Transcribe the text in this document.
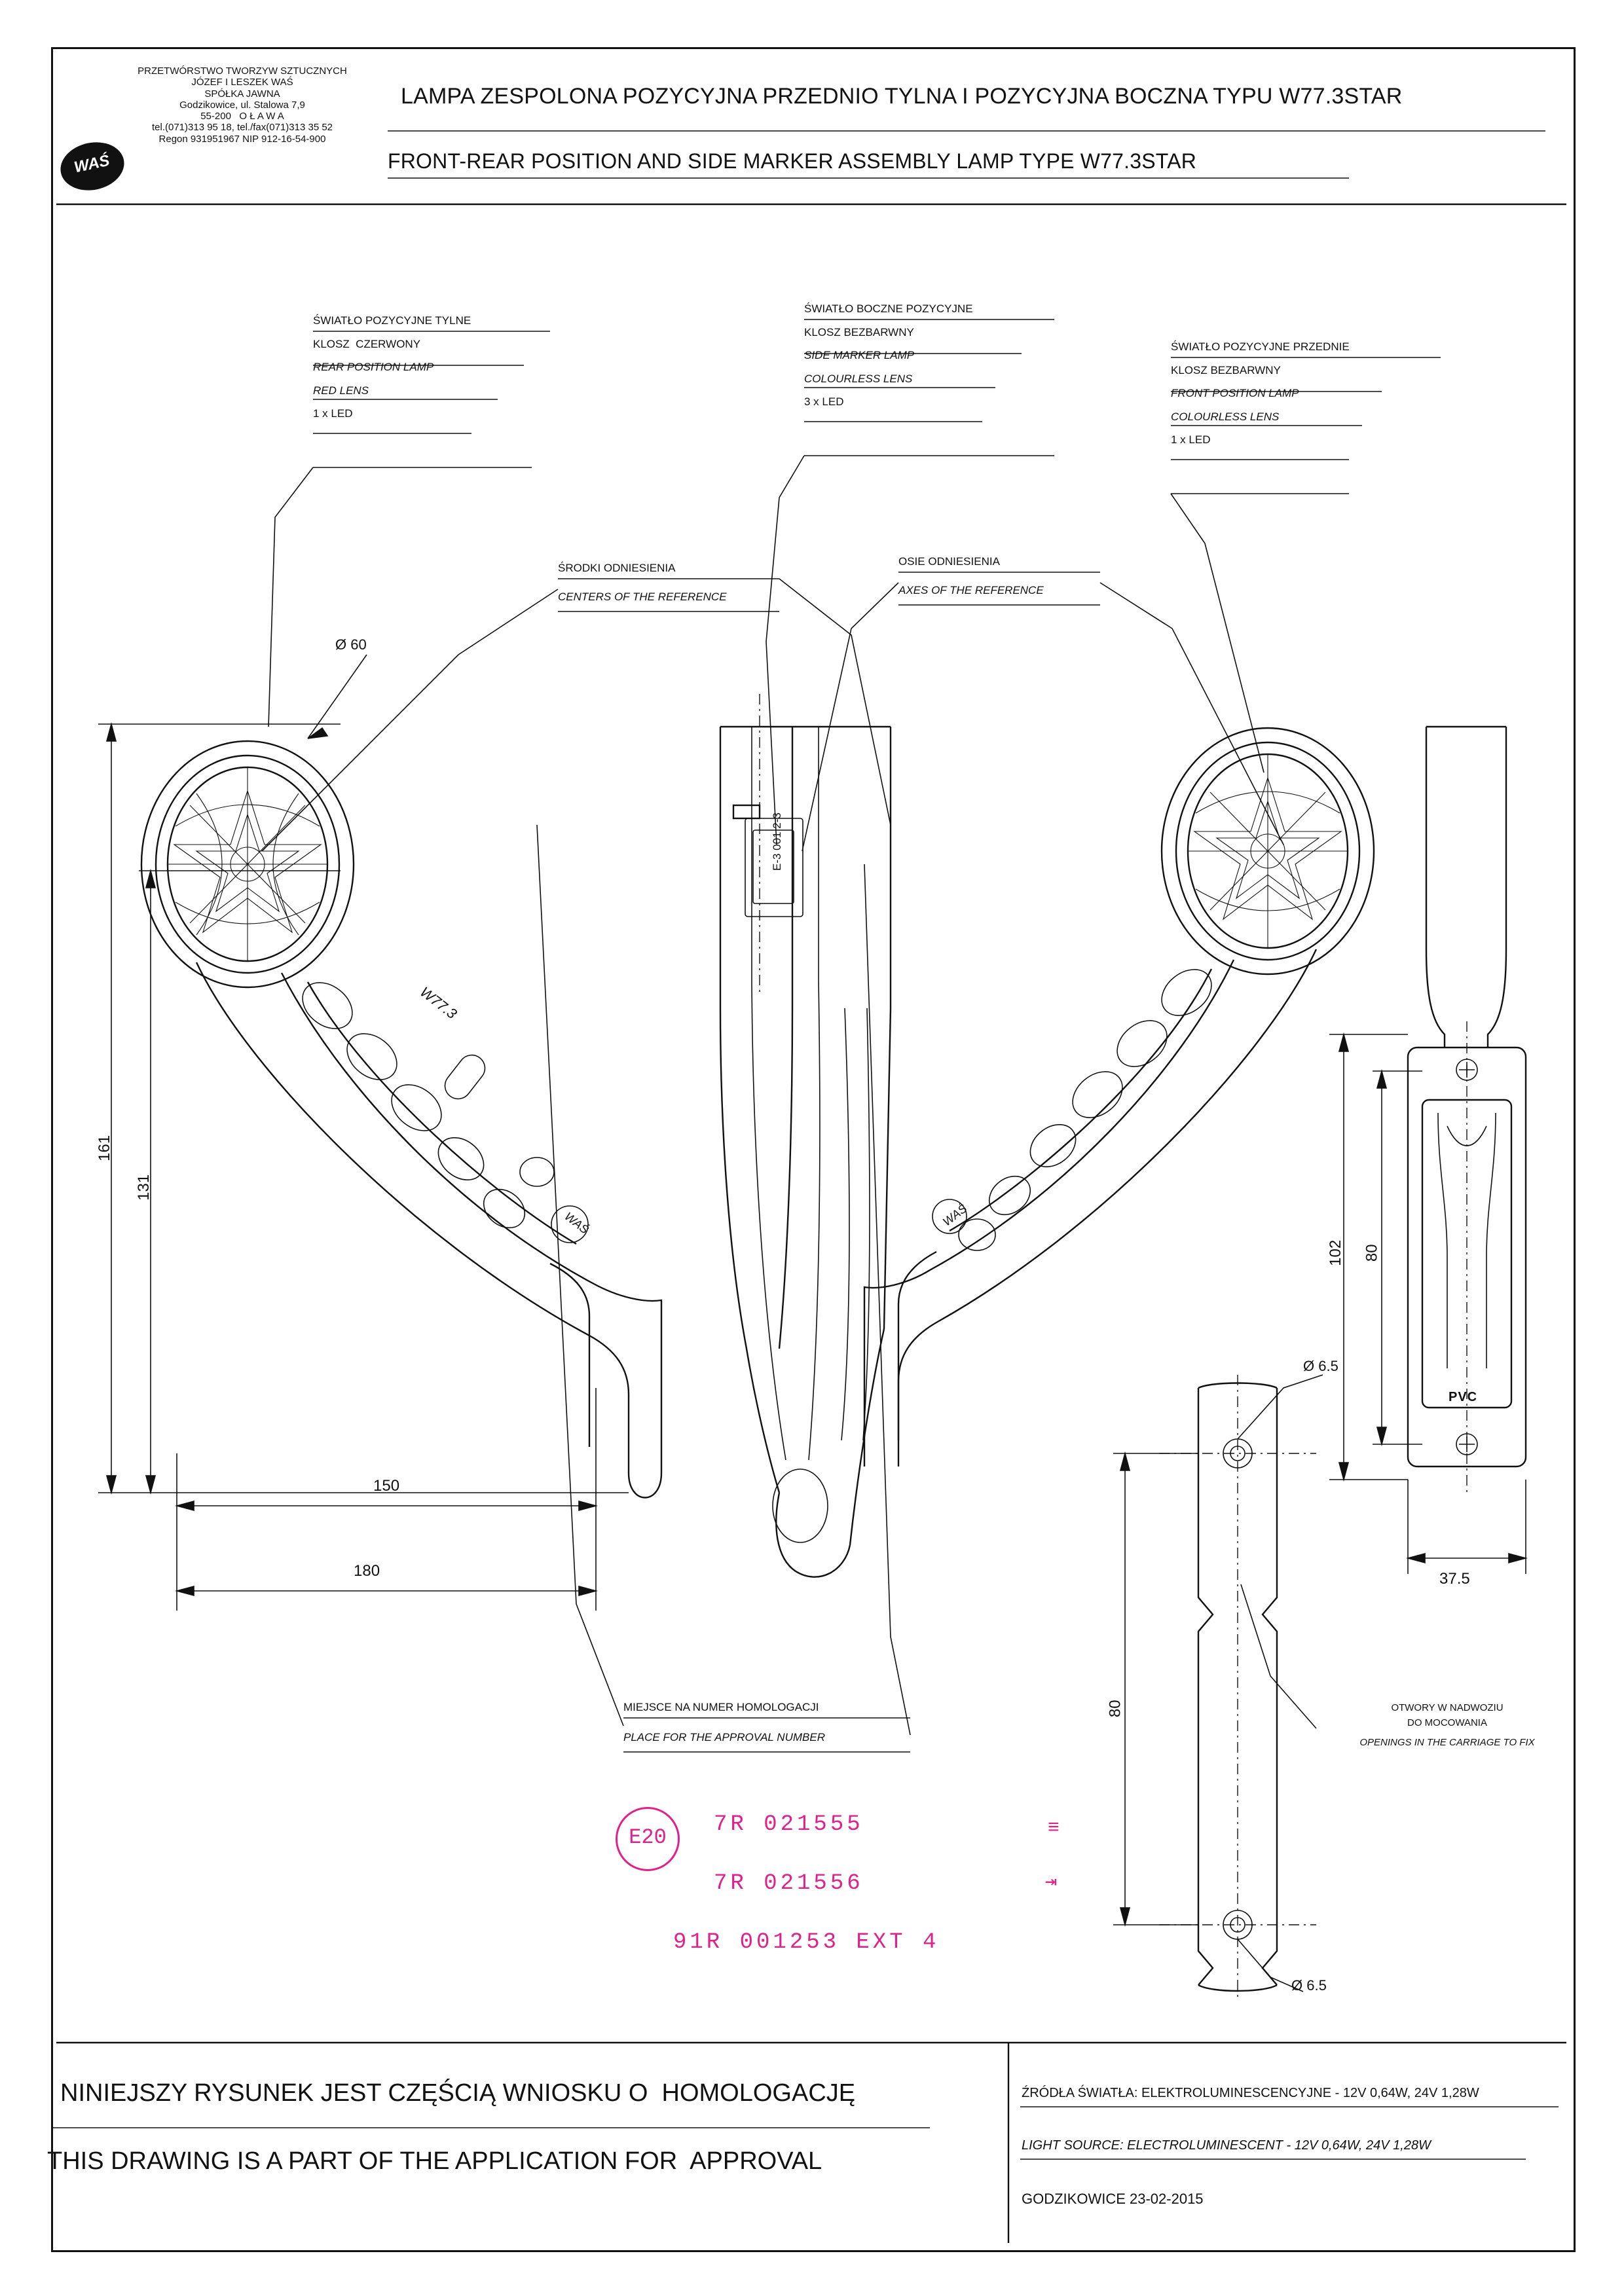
PRZETWÓRSTWO TWORZYW SZTUCZNYCH
JÓZEF I LESZEK WAŚ
SPÓŁKA JAWNA
Godzikowice, ul. Stalowa 7,9
55-200   O Ł A W A
tel.(071)313 95 18, tel./fax(071)313 35 52
Regon 931951967 NIP 912-16-54-900
WAŚ
LAMPA ZESPOLONA POZYCYJNA PRZEDNIO TYLNA I POZYCYJNA BOCZNA TYPU W77.3STAR
FRONT-REAR POSITION AND SIDE MARKER ASSEMBLY LAMP TYPE W77.3STAR
ŚWIATŁO POZYCYJNE TYLNE
KLOSZ  CZERWONY
REAR POSITION LAMP
RED LENS
1 x LED
ŚWIATŁO BOCZNE POZYCYJNE
KLOSZ BEZBARWNY
SIDE MARKER LAMP
COLOURLESS LENS
3 x LED
ŚWIATŁO POZYCYJNE PRZEDNIE
KLOSZ BEZBARWNY
FRONT POSITION LAMP
COLOURLESS LENS
1 x LED
ŚRODKI ODNIESIENIA
CENTERS OF THE REFERENCE
OSIE ODNIESIENIA
AXES OF THE REFERENCE
MIEJSCE NA NUMER HOMOLOGACJI
PLACE FOR THE APPROVAL NUMBER
OTWORY W NADWOZIU
DO MOCOWANIA
OPENINGS IN THE CARRIAGE TO FIX
W77.3
E-3 001 2-3
PVC
Ø 60
161
131
150
180
102 80
37.5
Ø 6.5
Ø 6.5
80
WAŚ	WAŚ
E20
7R 021555
7R 021556
91R 001253 EXT 4
≡
⇥
NINIEJSZY RYSUNEK JEST CZĘŚCIĄ WNIOSKU O  HOMOLOGACJĘ
THIS DRAWING IS A PART OF THE APPLICATION FOR  APPROVAL
ŹRÓDŁA ŚWIATŁA: ELEKTROLUMINESCENCYJNE - 12V 0,64W, 24V 1,28W
LIGHT SOURCE: ELECTROLUMINESCENT - 12V 0,64W, 24V 1,28W
GODZIKOWICE 23-02-2015
